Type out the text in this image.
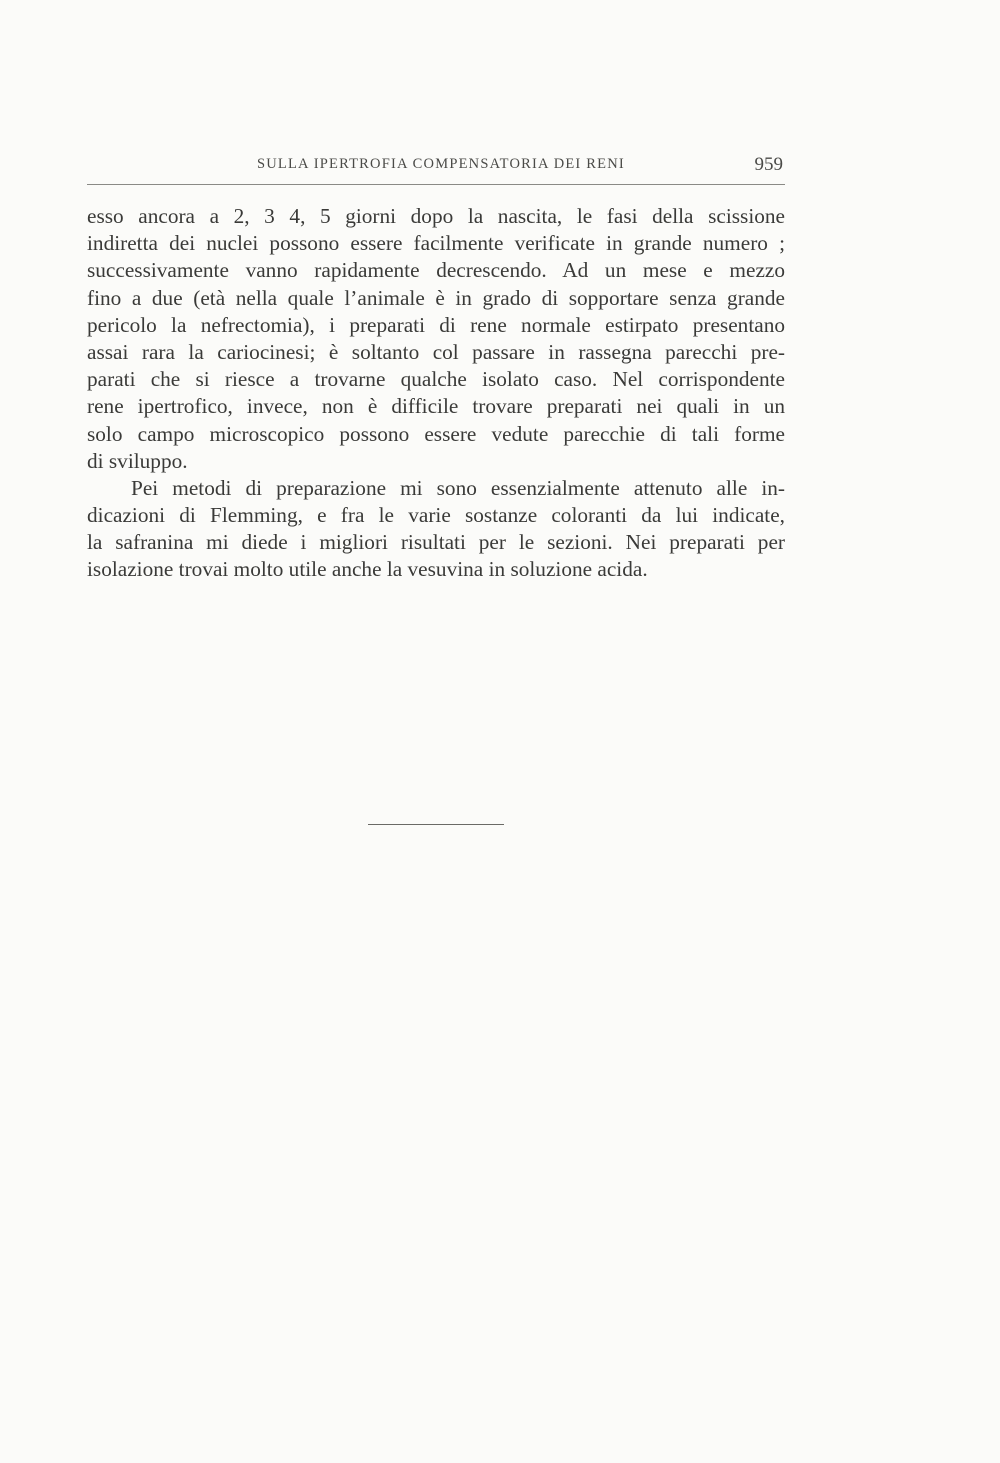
SULLA IPERTROFIA COMPENSATORIA DEI RENI	959
esso ancora a 2, 3 4, 5 giorni dopo la nascita, le fasi della scissione
indiretta dei nuclei possono essere facilmente verificate in grande numero ;
successivamente vanno rapidamente decrescendo. Ad un mese e mezzo
fino a due (età nella quale l’animale è in grado di sopportare senza grande
pericolo la nefrectomia), i preparati di rene normale estirpato presentano
assai rara la cariocinesi; è soltanto col passare in rassegna parecchi pre-
parati che si riesce a trovarne qualche isolato caso. Nel corrispondente
rene ipertrofico, invece, non è difficile trovare preparati nei quali in un
solo campo microscopico possono essere vedute parecchie di tali forme
di sviluppo.
Pei metodi di preparazione mi sono essenzialmente attenuto alle in-
dicazioni di Flemming, e fra le varie sostanze coloranti da lui indicate,
la safranina mi diede i migliori risultati per le sezioni. Nei preparati per
isolazione trovai molto utile anche la vesuvina in soluzione acida.
